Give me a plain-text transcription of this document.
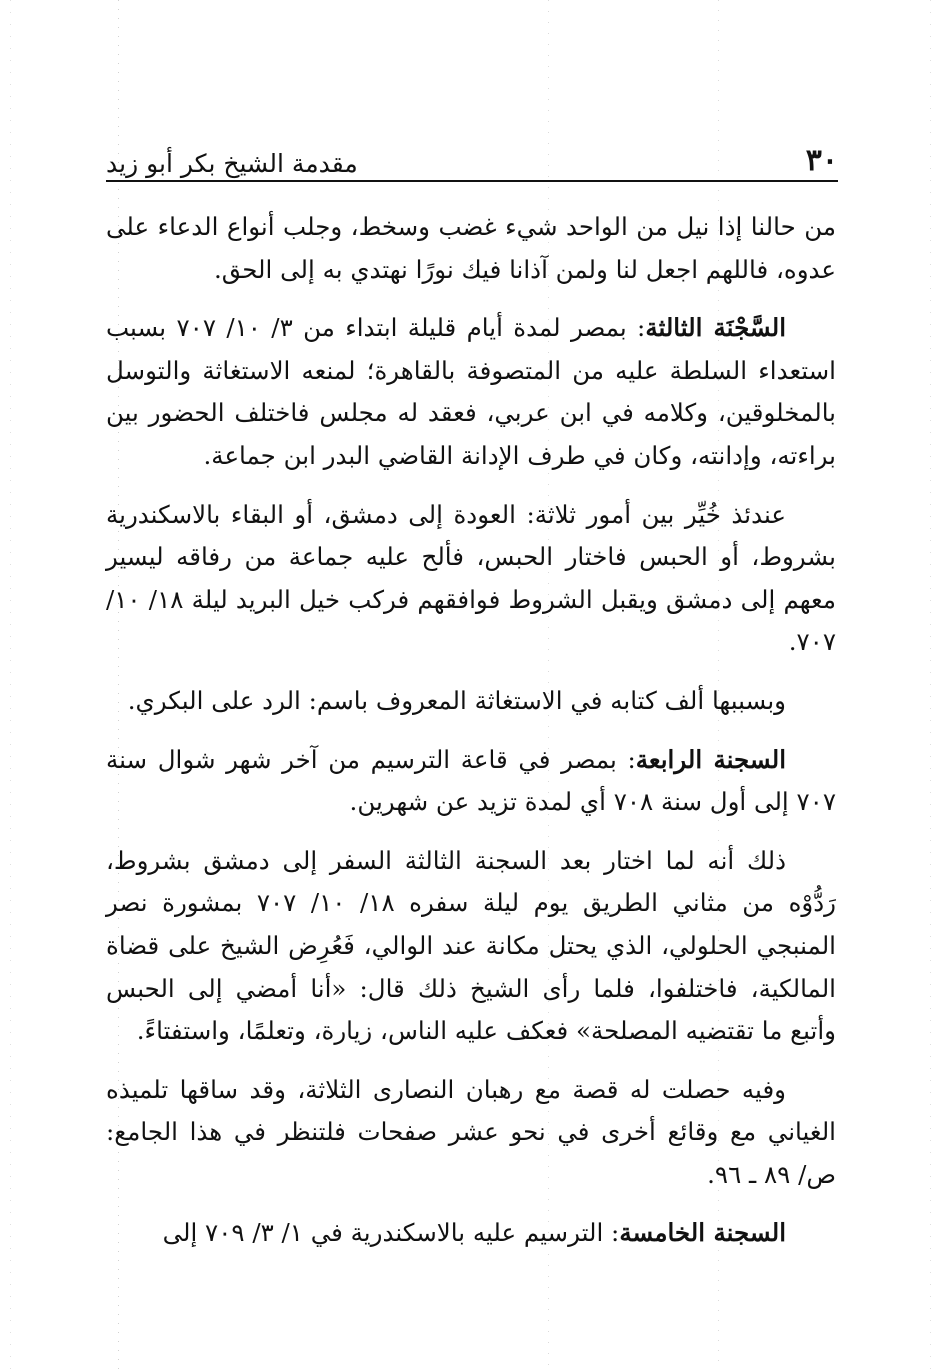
٣٠
مقدمة الشيخ بكر أبو زيد

من حالنا إذا نيل من الواحد شيء غضب وسخط، وجلب أنواع الدعاء على عدوه، فاللهم اجعل لنا ولمن آذانا فيك نورًا نهتدي به إلى الحق.

السَّجْنَة الثالثة: بمصر لمدة أيام قليلة ابتداء من ٣/ ١٠/ ٧٠٧ بسبب استعداء السلطة عليه من المتصوفة بالقاهرة؛ لمنعه الاستغاثة والتوسل بالمخلوقين، وكلامه في ابن عربي، فعقد له مجلس فاختلف الحضور بين براءته، وإدانته، وكان في طرف الإدانة القاضي البدر ابن جماعة.

عندئذ خُيِّر بين أمور ثلاثة: العودة إلى دمشق، أو البقاء بالاسكندرية بشروط، أو الحبس فاختار الحبس، فألح عليه جماعة من رفاقه ليسير معهم إلى دمشق ويقبل الشروط فوافقهم فركب خيل البريد ليلة ١٨/ ١٠/ ٧٠٧.

وبسببها ألف كتابه في الاستغاثة المعروف باسم: الرد على البكري.

السجنة الرابعة: بمصر في قاعة الترسيم من آخر شهر شوال سنة ٧٠٧ إلى أول سنة ٧٠٨ أي لمدة تزيد عن شهرين.

ذلك أنه لما اختار بعد السجنة الثالثة السفر إلى دمشق بشروط، رَدُّوْه من مثاني الطريق يوم ليلة سفره ١٨/ ١٠/ ٧٠٧ بمشورة نصر المنبجي الحلولي، الذي يحتل مكانة عند الوالي، فَعُرِض الشيخ على قضاة المالكية، فاختلفوا، فلما رأى الشيخ ذلك قال: «أنا أمضي إلى الحبس وأتبع ما تقتضيه المصلحة» فعكف عليه الناس، زيارة، وتعلمًا، واستفتاءً.

وفيه حصلت له قصة مع رهبان النصارى الثلاثة، وقد ساقها تلميذه الغياني مع وقائع أخرى في نحو عشر صفحات فلتنظر في هذا الجامع: ص/ ٨٩ ـ ٩٦.

السجنة الخامسة: الترسيم عليه بالاسكندرية في ١/ ٣/ ٧٠٩ إلى
